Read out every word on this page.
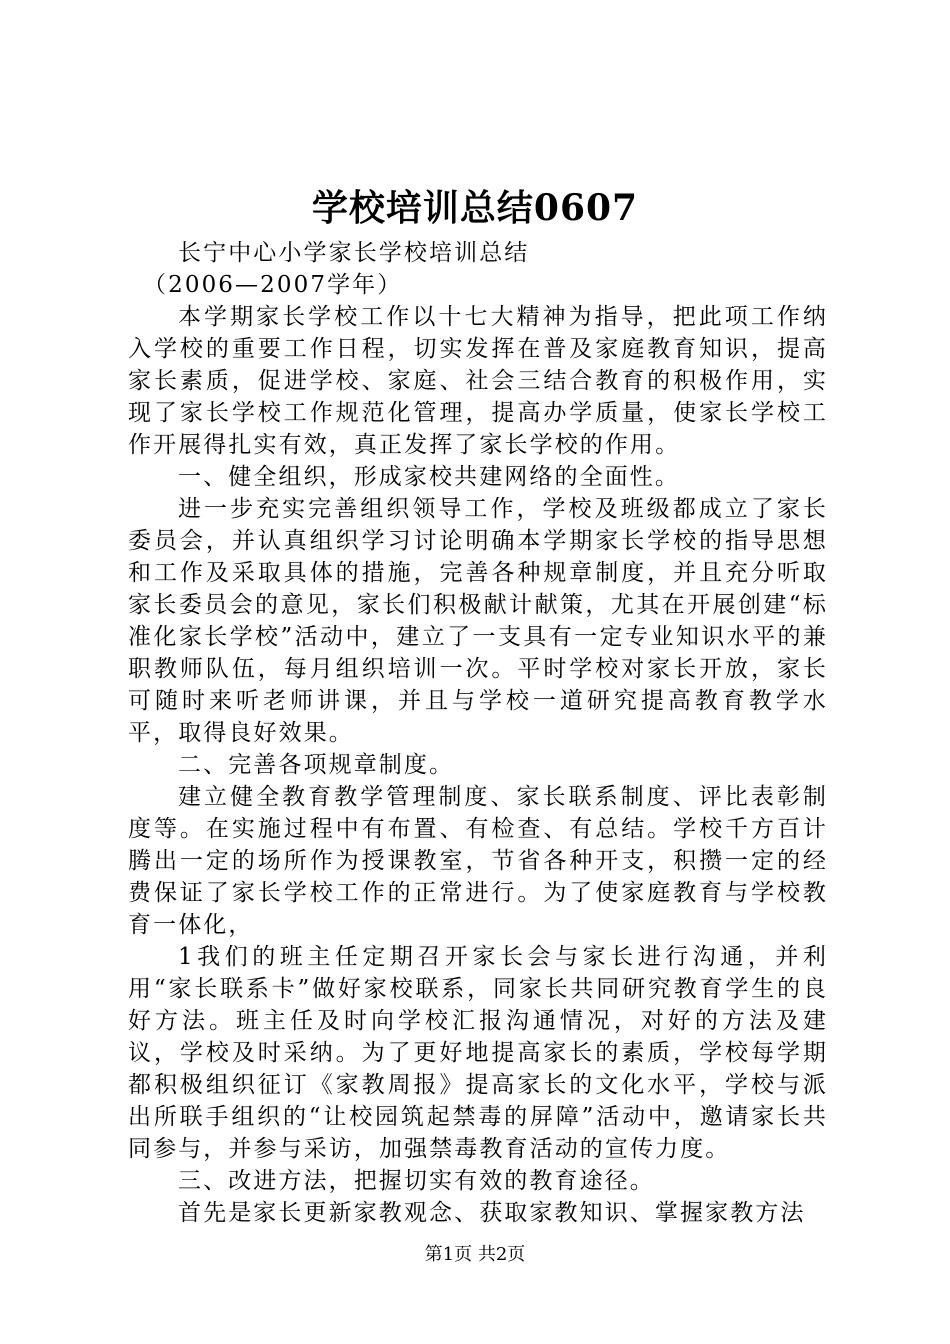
学校培训总结0607

长宁中心小学家长学校培训总结

（2006—2007学年）

本学期家长学校工作以十七大精神为指导，把此项工作纳入学校的重要工作日程，切实发挥在普及家庭教育知识，提高家长素质，促进学校、家庭、社会三结合教育的积极作用，实现了家长学校工作规范化管理，提高办学质量，使家长学校工作开展得扎实有效，真正发挥了家长学校的作用。

一、健全组织，形成家校共建网络的全面性。

进一步充实完善组织领导工作，学校及班级都成立了家长委员会，并认真组织学习讨论明确本学期家长学校的指导思想和工作及采取具体的措施，完善各种规章制度，并且充分听取家长委员会的意见，家长们积极献计献策，尤其在开展创建“标准化家长学校”活动中，建立了一支具有一定专业知识水平的兼职教师队伍，每月组织培训一次。平时学校对家长开放，家长可随时来听老师讲课，并且与学校一道研究提高教育教学水平，取得良好效果。

二、完善各项规章制度。

建立健全教育教学管理制度、家长联系制度、评比表彰制度等。在实施过程中有布置、有检查、有总结。学校千方百计腾出一定的场所作为授课教室，节省各种开支，积攒一定的经费保证了家长学校工作的正常进行。为了使家庭教育与学校教育一体化，

1我们的班主任定期召开家长会与家长进行沟通，并利用“家长联系卡”做好家校联系，同家长共同研究教育学生的良好方法。班主任及时向学校汇报沟通情况，对好的方法及建议，学校及时采纳。为了更好地提高家长的素质，学校每学期都积极组织征订《家教周报》提高家长的文化水平，学校与派出所联手组织的“让校园筑起禁毒的屏障”活动中，邀请家长共同参与，并参与采访，加强禁毒教育活动的宣传力度。

三、改进方法，把握切实有效的教育途径。

首先是家长更新家教观念、获取家教知识、掌握家教方法

第1页 共2页
